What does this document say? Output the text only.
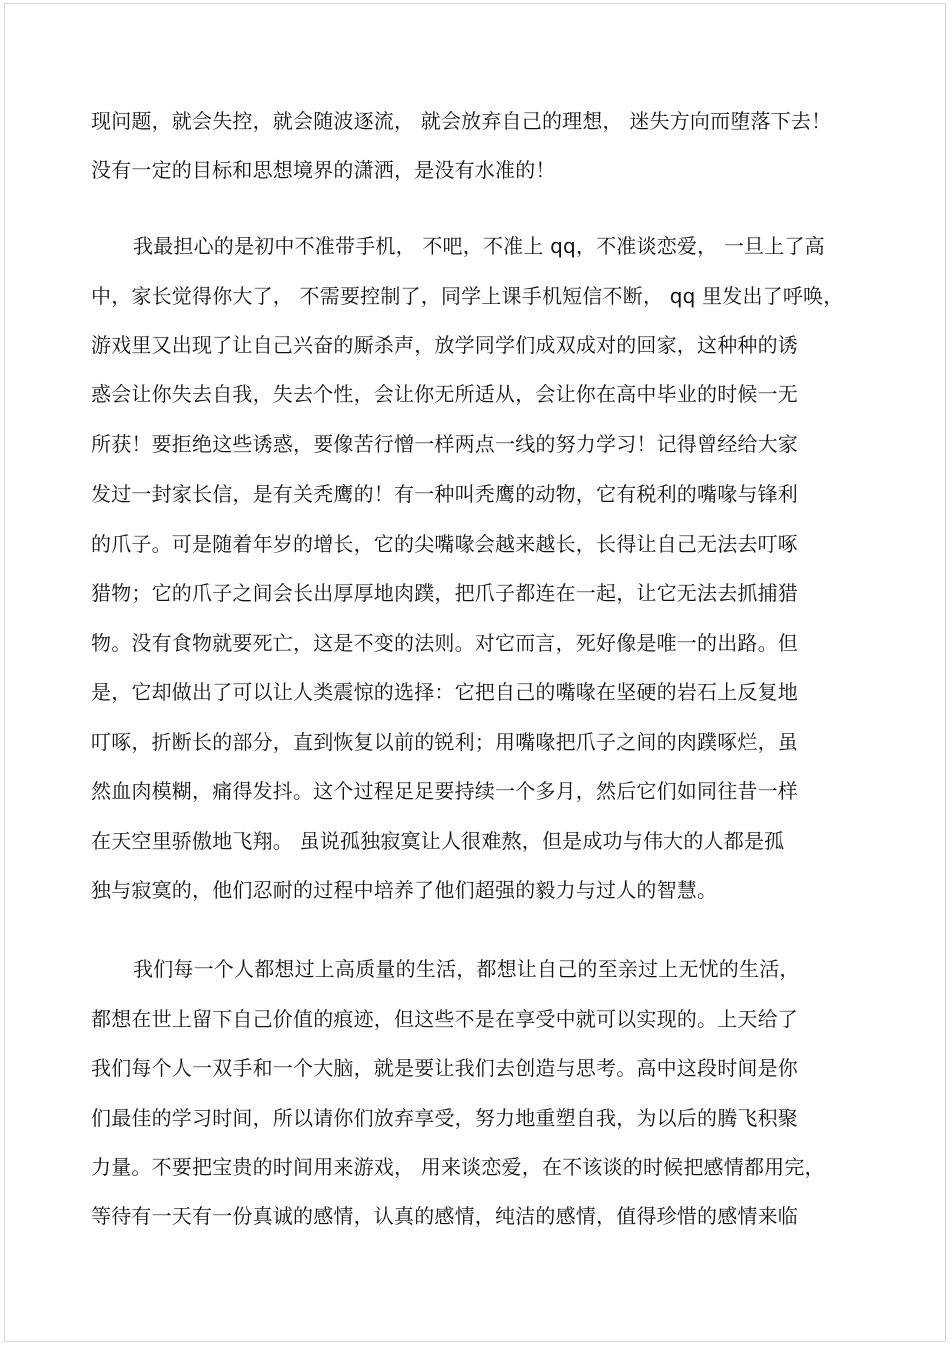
现问题，就会失控，就会随波逐流， 就会放弃自己的理想， 迷失方向而堕落下去！

没有一定的目标和思想境界的潇洒，是没有水准的！

我最担心的是初中不准带手机， 不吧，不准上 qq，不准谈恋爱， 一旦上了高

中，家长觉得你大了， 不需要控制了，同学上课手机短信不断， qq 里发出了呼唤，

游戏里又出现了让自己兴奋的厮杀声，放学同学们成双成对的回家，这种种的诱

惑会让你失去自我，失去个性，会让你无所适从，会让你在高中毕业的时候一无

所获！要拒绝这些诱惑，要像苦行憎一样两点一线的努力学习！记得曾经给大家

发过一封家长信，是有关秃鹰的！有一种叫秃鹰的动物，它有税利的嘴喙与锋利

的爪子。可是随着年岁的增长，它的尖嘴喙会越来越长，长得让自己无法去叮啄

猎物；它的爪子之间会长出厚厚地肉蹼，把爪子都连在一起，让它无法去抓捕猎

物。没有食物就要死亡，这是不变的法则。对它而言，死好像是唯一的出路。但

是，它却做出了可以让人类震惊的选择：它把自己的嘴喙在坚硬的岩石上反复地

叮啄，折断长的部分，直到恢复以前的锐利；用嘴喙把爪子之间的肉蹼啄烂，虽

然血肉模糊，痛得发抖。这个过程足足要持续一个多月，然后它们如同往昔一样

在天空里骄傲地飞翔。 虽说孤独寂寞让人很难熬，但是成功与伟大的人都是孤

独与寂寞的，他们忍耐的过程中培养了他们超强的毅力与过人的智慧。

我们每一个人都想过上高质量的生活，都想让自己的至亲过上无忧的生活，

都想在世上留下自己价值的痕迹，但这些不是在享受中就可以实现的。上天给了

我们每个人一双手和一个大脑，就是要让我们去创造与思考。高中这段时间是你

们最佳的学习时间，所以请你们放弃享受，努力地重塑自我，为以后的腾飞积聚

力量。不要把宝贵的时间用来游戏， 用来谈恋爱，在不该谈的时候把感情都用完，

等待有一天有一份真诚的感情，认真的感情，纯洁的感情，值得珍惜的感情来临
